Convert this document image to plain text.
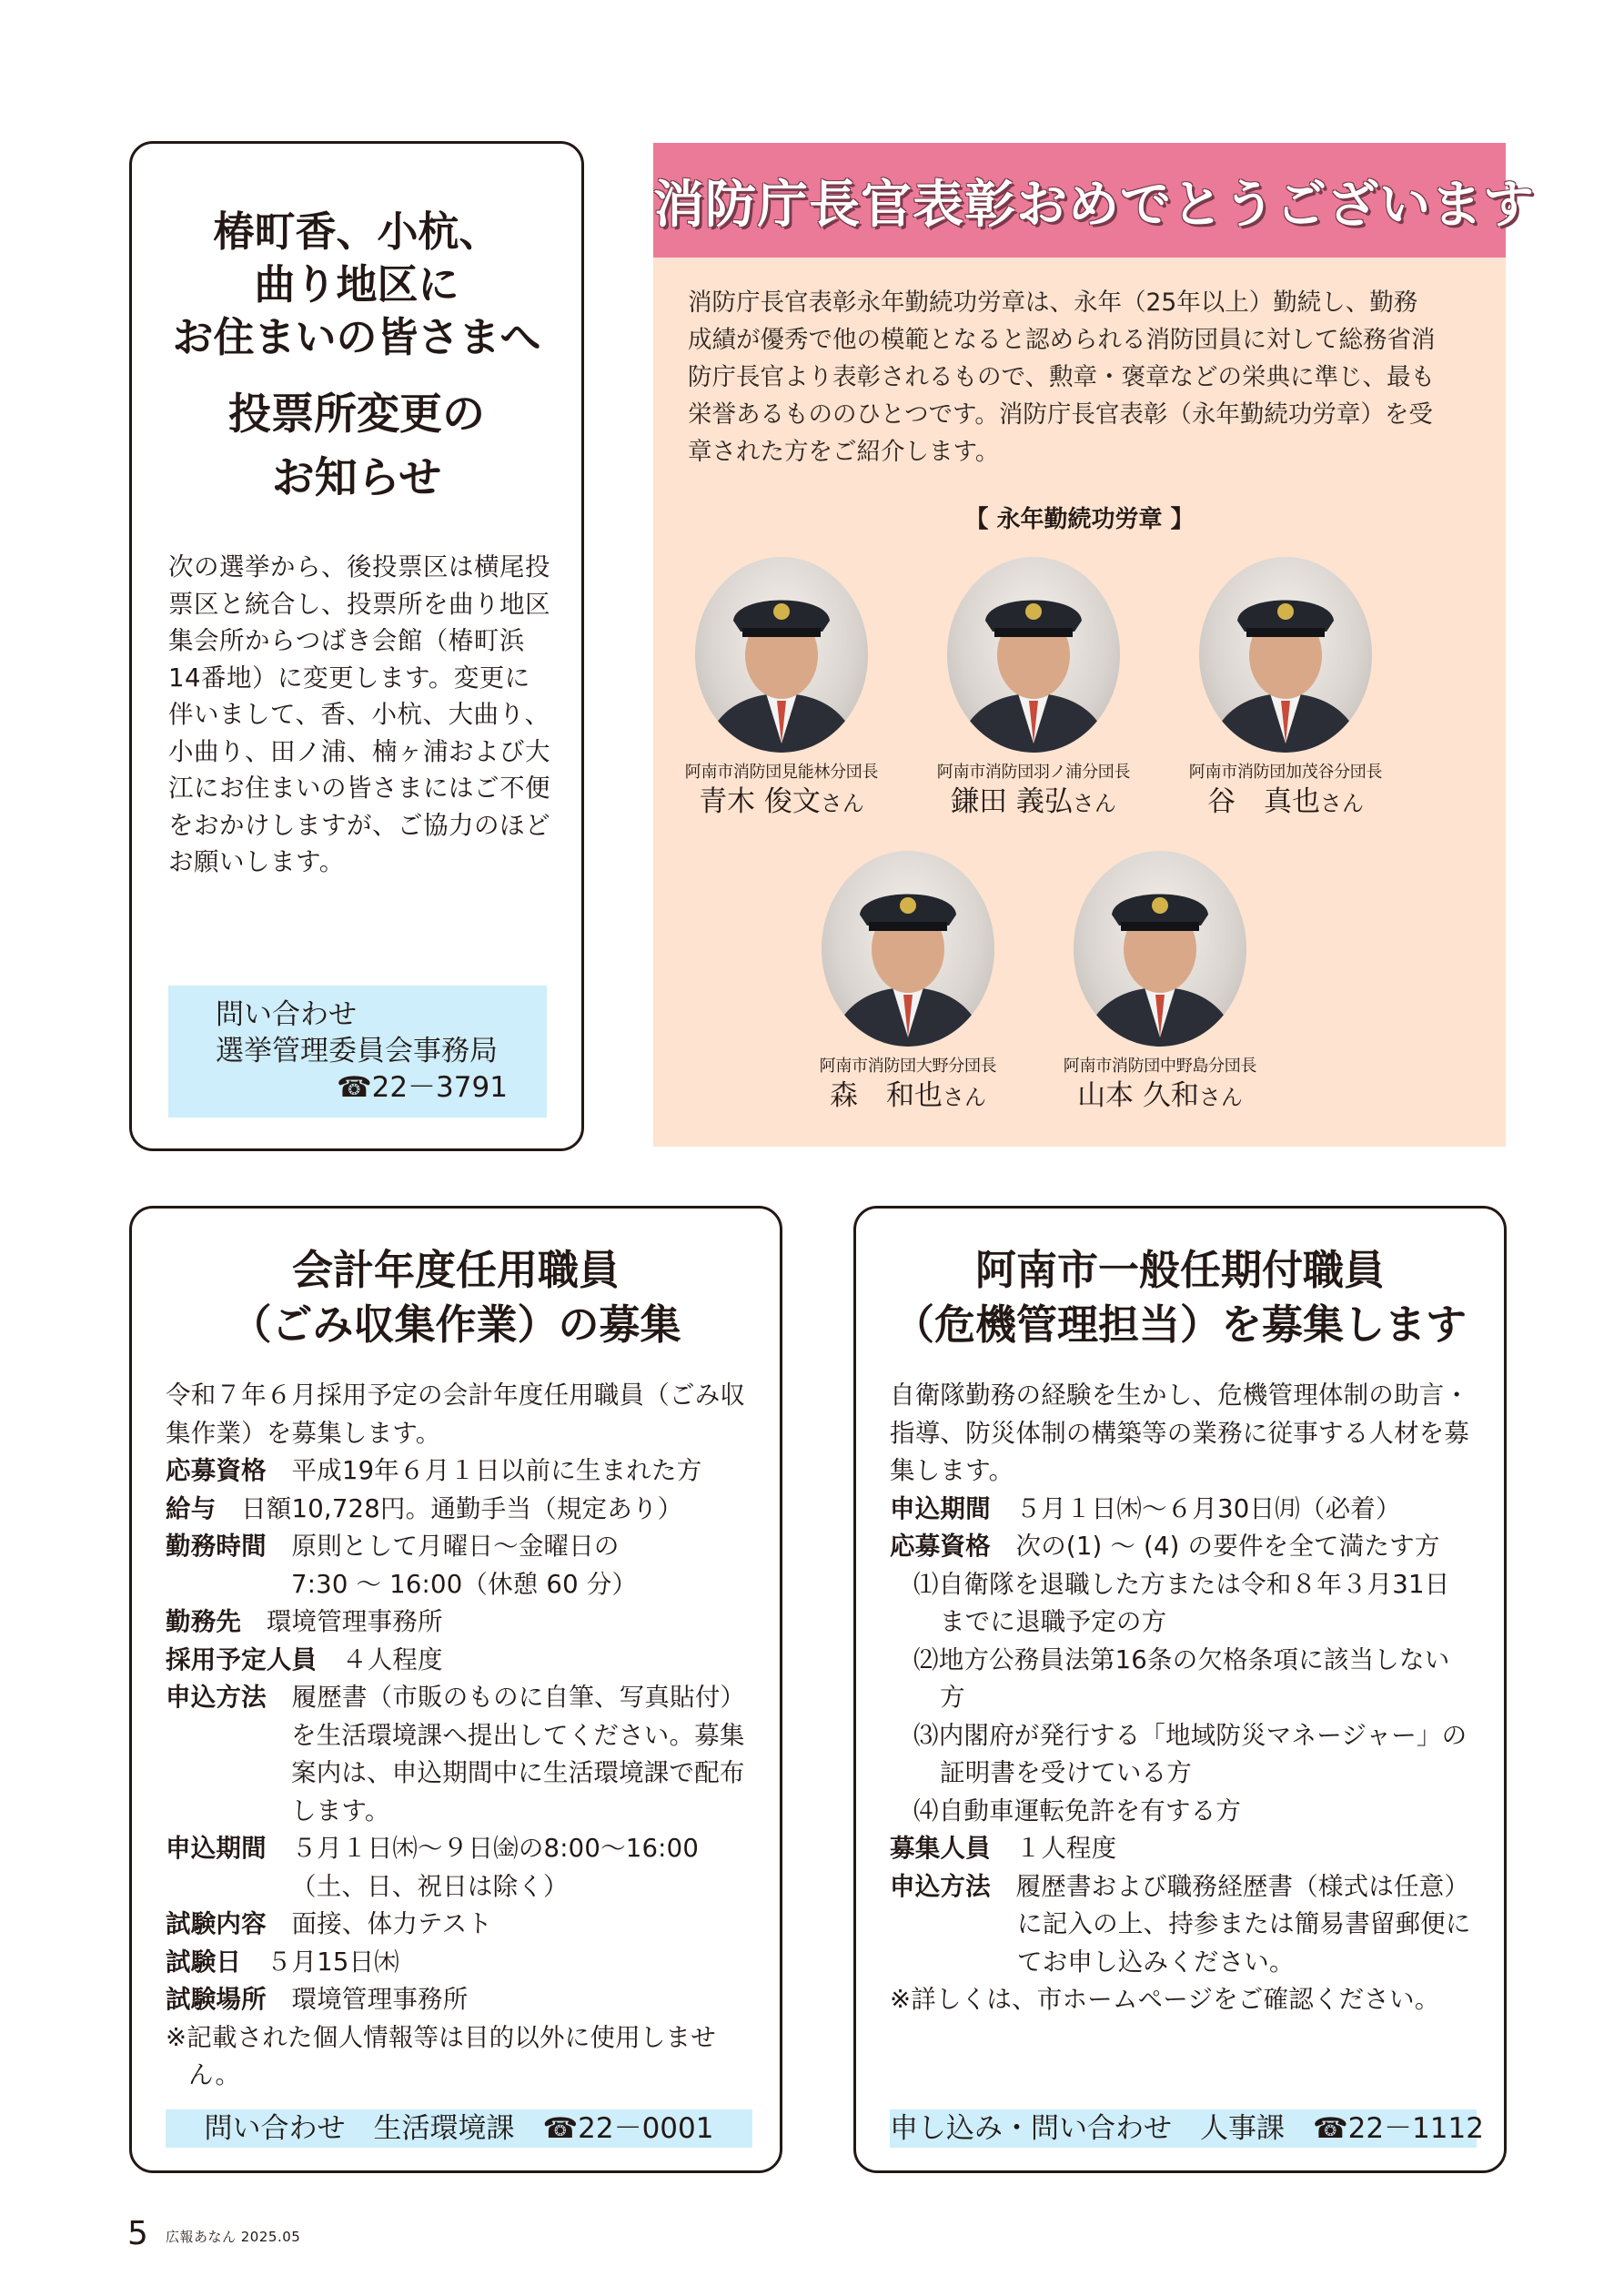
椿町香、小杭、
曲り地区に
お住まいの皆さまへ
投票所変更の
お知らせ
次の選挙から、後投票区は横尾投
票区と統合し、投票所を曲り地区
集会所からつばき会館（椿町浜
14番地）に変更します。変更に
伴いまして、香、小杭、大曲り、
小曲り、田ノ浦、楠ヶ浦および大
江にお住まいの皆さまにはご不便
をおかけしますが、ご協力のほど
お願いします。
問い合わせ
選挙管理委員会事務局
☎22－3791
消防庁長官表彰おめでとうございます
消防庁長官表彰永年勤続功労章は、永年（25年以上）勤続し、勤務
成績が優秀で他の模範となると認められる消防団員に対して総務省消
防庁長官より表彰されるもので、勲章・褒章などの栄典に準じ、最も
栄誉あるもののひとつです。消防庁長官表彰（永年勤続功労章）を受
章された方をご紹介します。
【 永年勤続功労章 】
阿南市消防団見能林分団長
青木 俊文さん
阿南市消防団羽ノ浦分団長
鎌田 義弘さん
阿南市消防団加茂谷分団長
谷　真也さん
阿南市消防団大野分団長
森　和也さん
阿南市消防団中野島分団長
山本 久和さん
会計年度任用職員
（ごみ収集作業）の募集
令和７年６月採用予定の会計年度任用職員（ごみ収
集作業）を募集します。
応募資格　 平成19年６月１日以前に生まれた方
給与　 日額10,728円。通勤手当（規定あり）
勤務時間　 原則として月曜日～金曜日の
7:30 ～ 16:00（休憩 60 分）
勤務先　 環境管理事務所
採用予定人員　 ４人程度
申込方法　 履歴書（市販のものに自筆、写真貼付）
を生活環境課へ提出してください。募集
案内は、申込期間中に生活環境課で配布
します。
申込期間　 ５月１日㈭～９日㈮の8:00～16:00
（土、日、祝日は除く）
試験内容　 面接、体力テスト
試験日　 ５月15日㈭
試験場所　 環境管理事務所
※記載された個人情報等は目的以外に使用しませ
ん。
問い合わせ　生活環境課　☎22－0001
阿南市一般任期付職員
（危機管理担当）を募集します
自衛隊勤務の経験を生かし、危機管理体制の助言・
指導、防災体制の構築等の業務に従事する人材を募
集します。
申込期間　 ５月１日㈭～６月30日㈪（必着）
応募資格　 次の(1) ～ (4) の要件を全て満たす方
⑴自衛隊を退職した方または令和８年３月31日
までに退職予定の方
⑵地方公務員法第16条の欠格条項に該当しない
方
⑶内閣府が発行する「地域防災マネージャー」の
証明書を受けている方
⑷自動車運転免許を有する方
募集人員　 １人程度
申込方法　 履歴書および職務経歴書（様式は任意）
に記入の上、持参または簡易書留郵便に
てお申し込みください。
※詳しくは、市ホームページをご確認ください。
申し込み・問い合わせ　人事課　☎22－1112
5 広報あなん 2025.05
